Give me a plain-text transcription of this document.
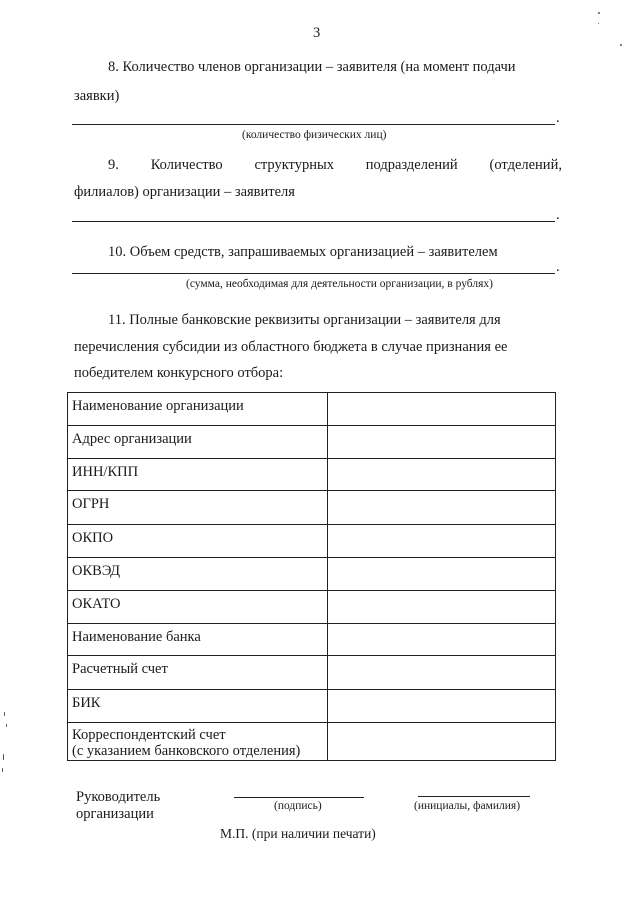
3
8. Количество членов организации – заявителя (на момент подачи
заявки)
.
(количество физических лиц)
9. Количество структурных подразделений (отделений,
филиалов) организации – заявителя
.
10. Объем средств, запрашиваемых организацией – заявителем
.
(сумма, необходимая для деятельности организации, в рублях)
11. Полные банковские реквизиты организации – заявителя для
перечисления субсидии из областного бюджета в случае признания ее
победителем конкурсного отбора:
Наименование организации	
Адрес организации	
ИНН/КПП	
ОГРН	
ОКПО	
ОКВЭД	
ОКАТО	
Наименование банка	
Расчетный счет	
БИК	
Корреспондентский счет
(с указанием банковского отделения)	
Руководитель
организации	(подпись)	(инициалы, фамилия)
М.П. (при наличии печати)
